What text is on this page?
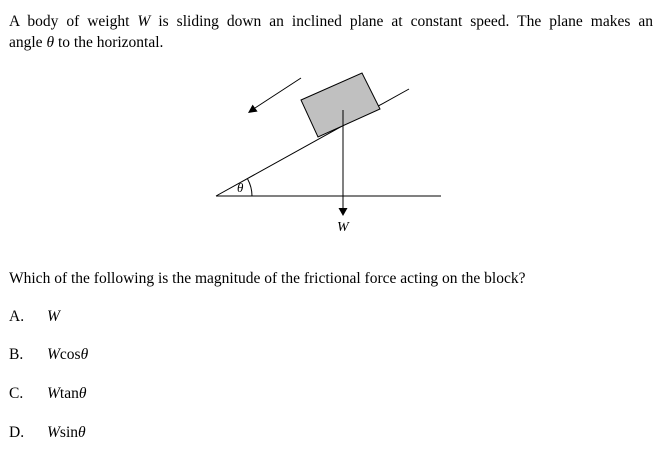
A body of weight W is sliding down an inclined plane at constant speed. The plane makes an
angle θ to the horizontal.
θ
W
Which of the following is the magnitude of the frictional force acting on the block?
A. W
B. Wcosθ
C. Wtanθ
D. Wsinθ
